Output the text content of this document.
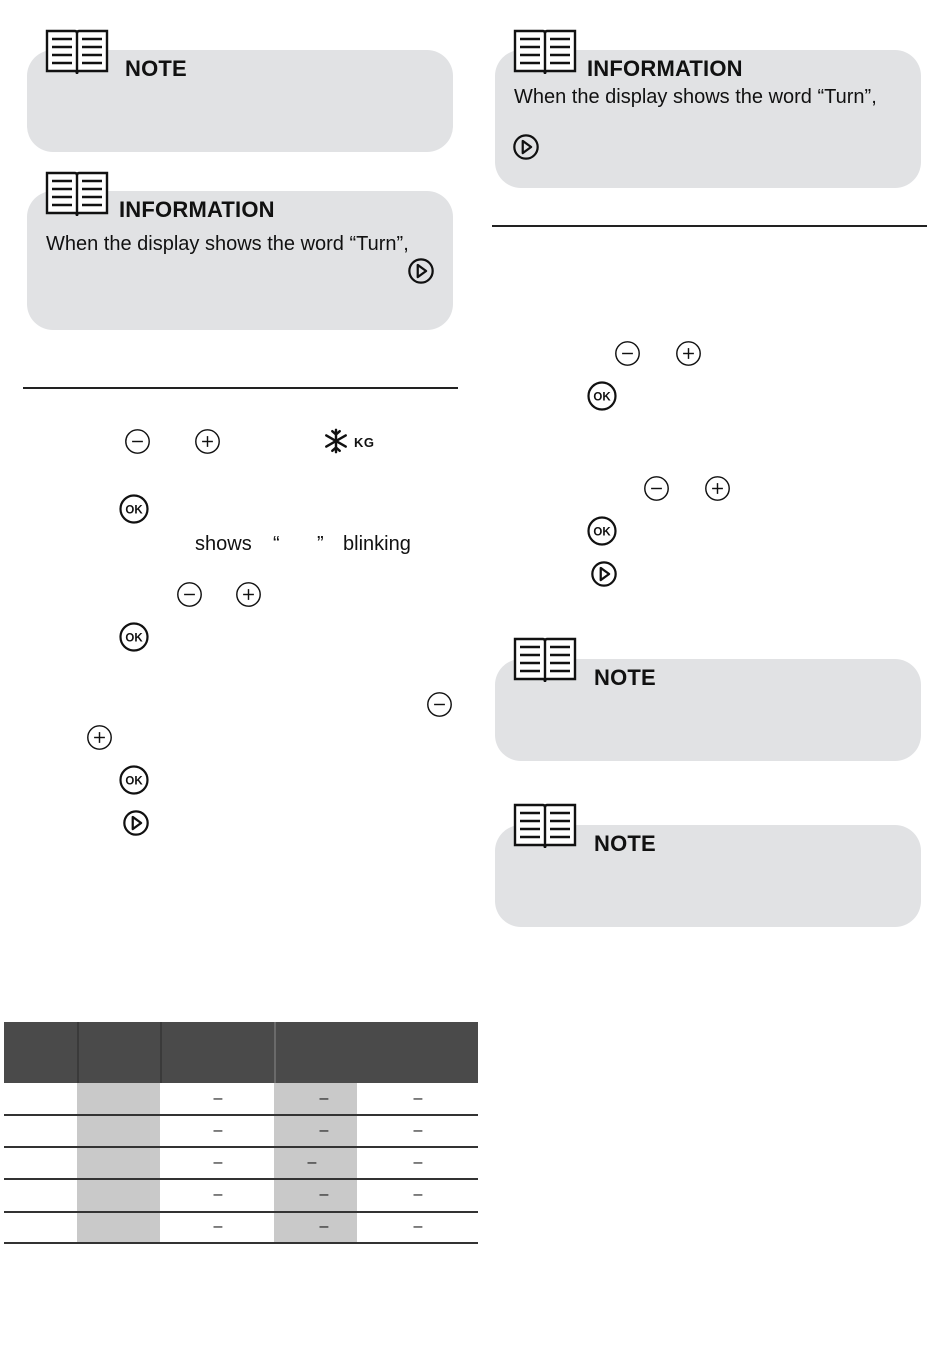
NOTE
INFORMATION
When the display shows the word “Turn”,
KG
OK
shows “ ” blinking
OK
OK
–	–	–
–	–	–
–	–	–
–	–	–
–	–	–
INFORMATION
When the display shows the word “Turn”,
OK
OK
NOTE
NOTE
